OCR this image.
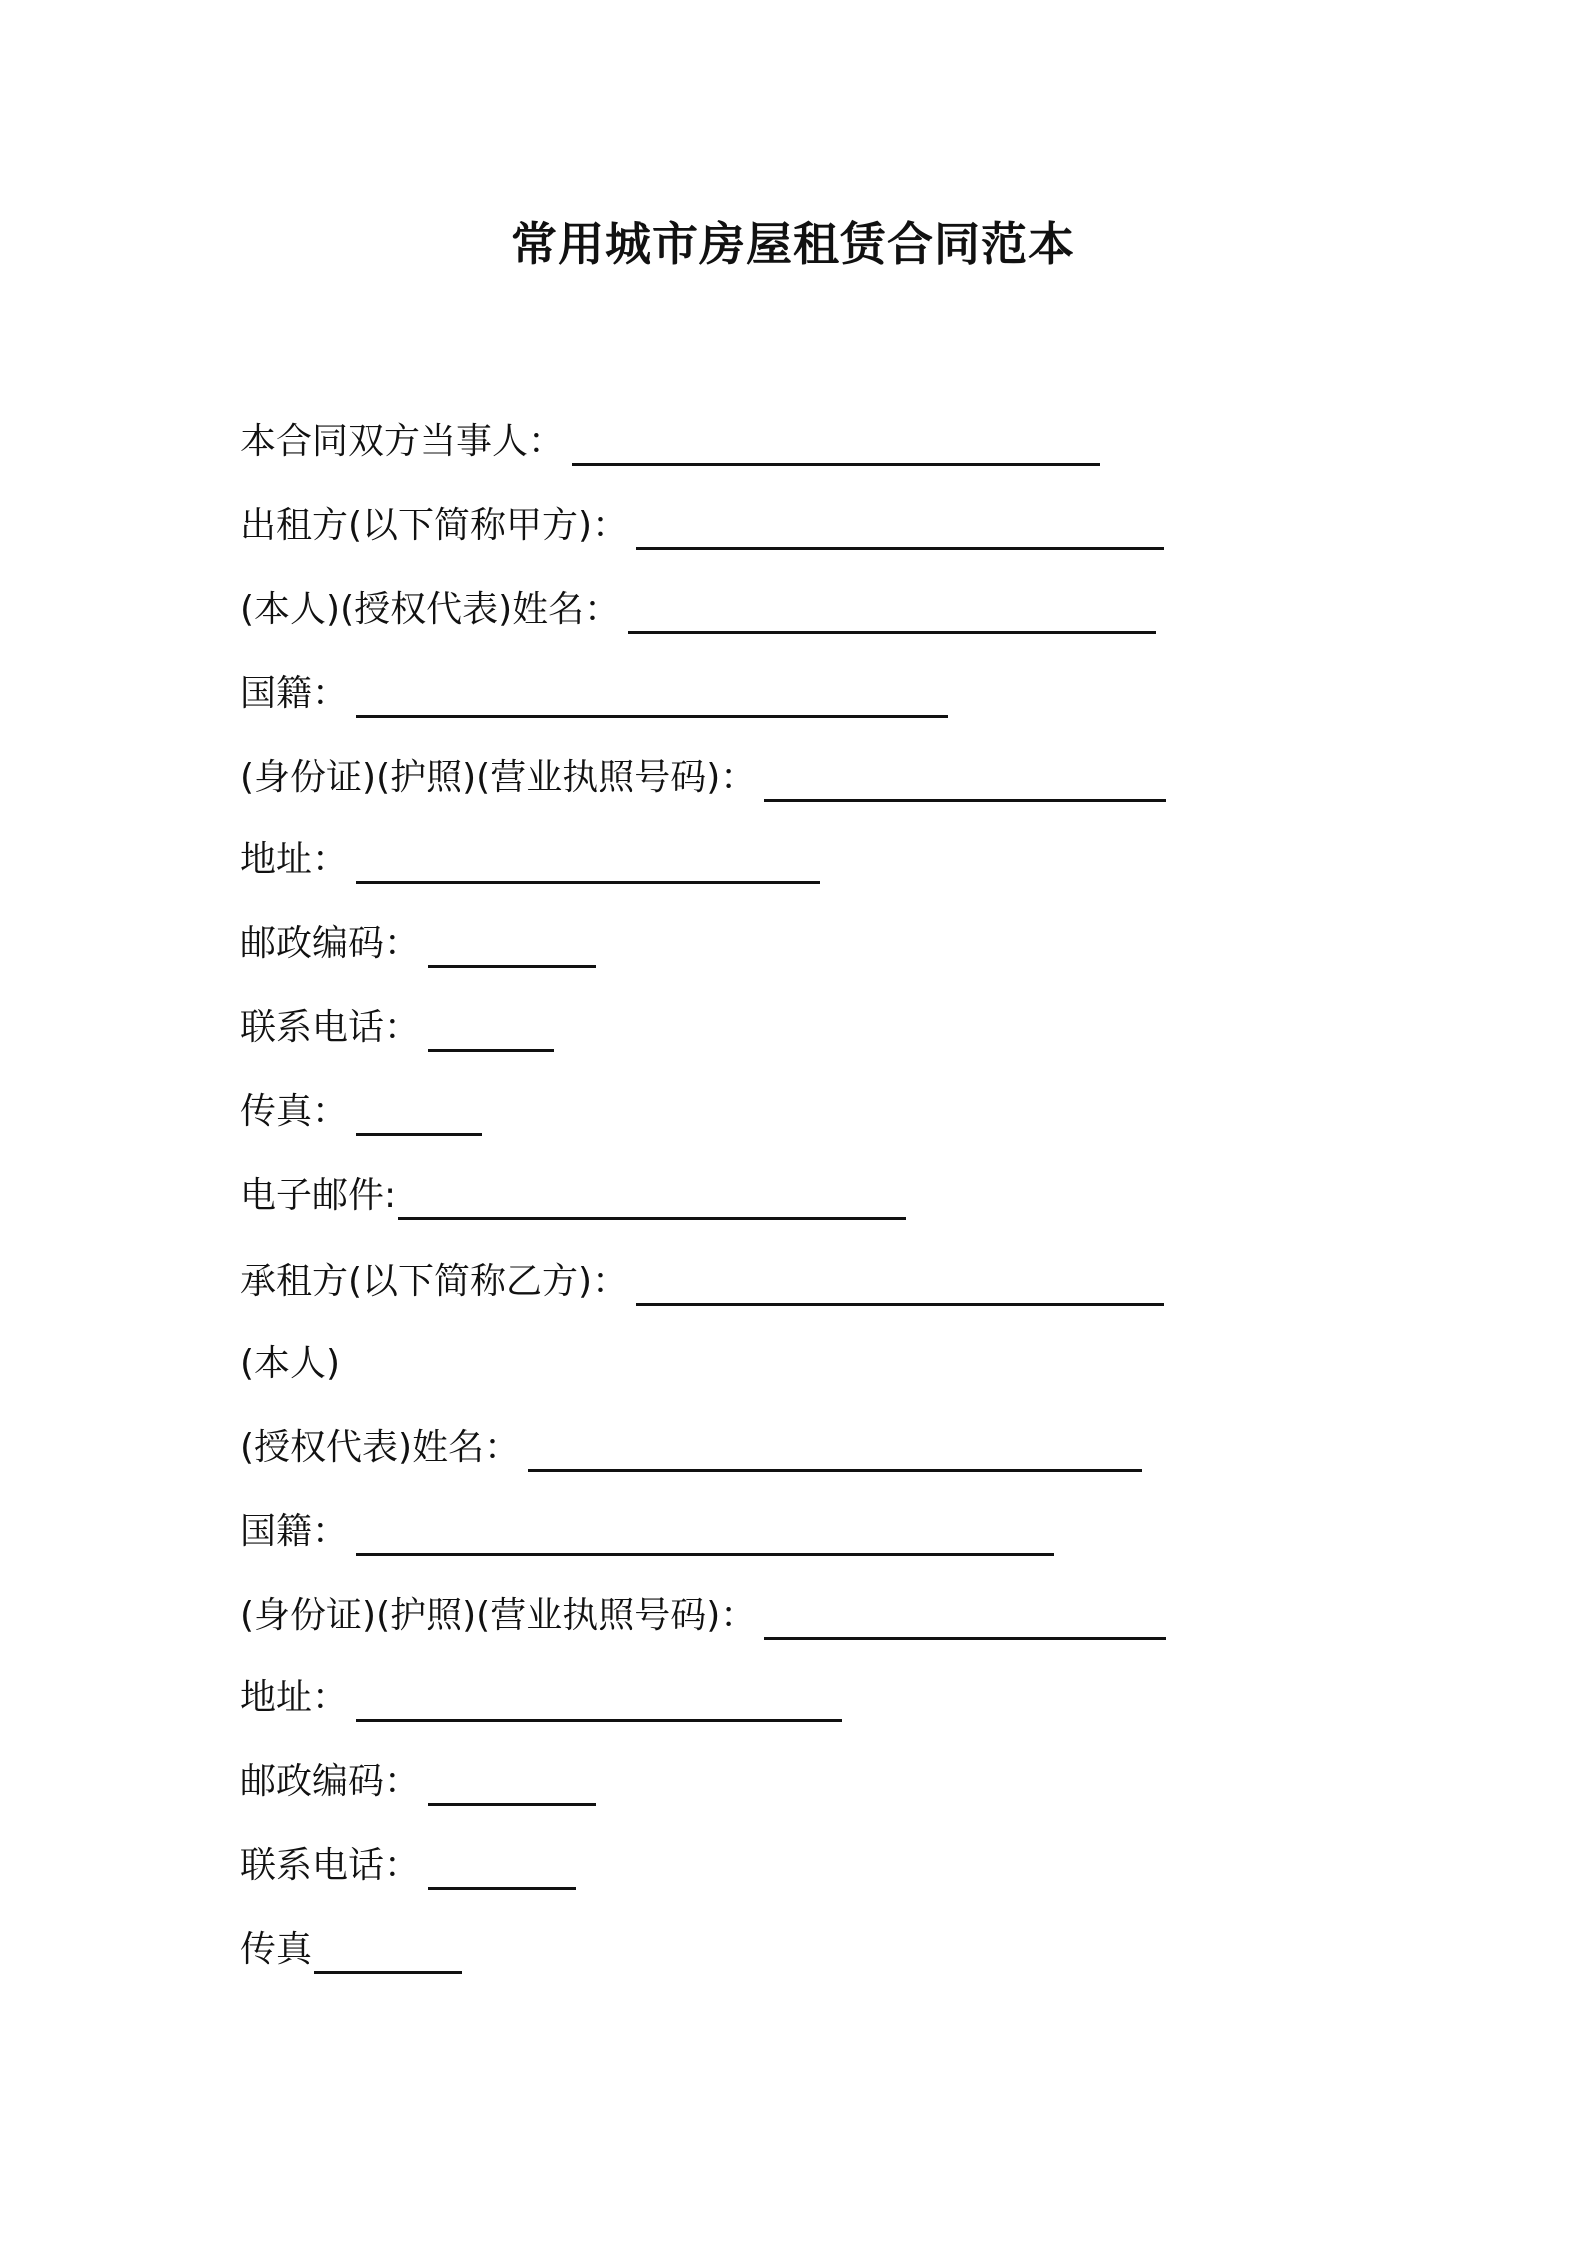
常用城市房屋租赁合同范本
本合同双方当事人：
出租方(以下简称甲方)：
(本人)(授权代表)姓名：
国籍：
(身份证)(护照)(营业执照号码)：
地址：
邮政编码：
联系电话：
传真：
电子邮件:
承租方(以下简称乙方)：
(本人)
(授权代表)姓名：
国籍：
(身份证)(护照)(营业执照号码)：
地址：
邮政编码：
联系电话：
传真
